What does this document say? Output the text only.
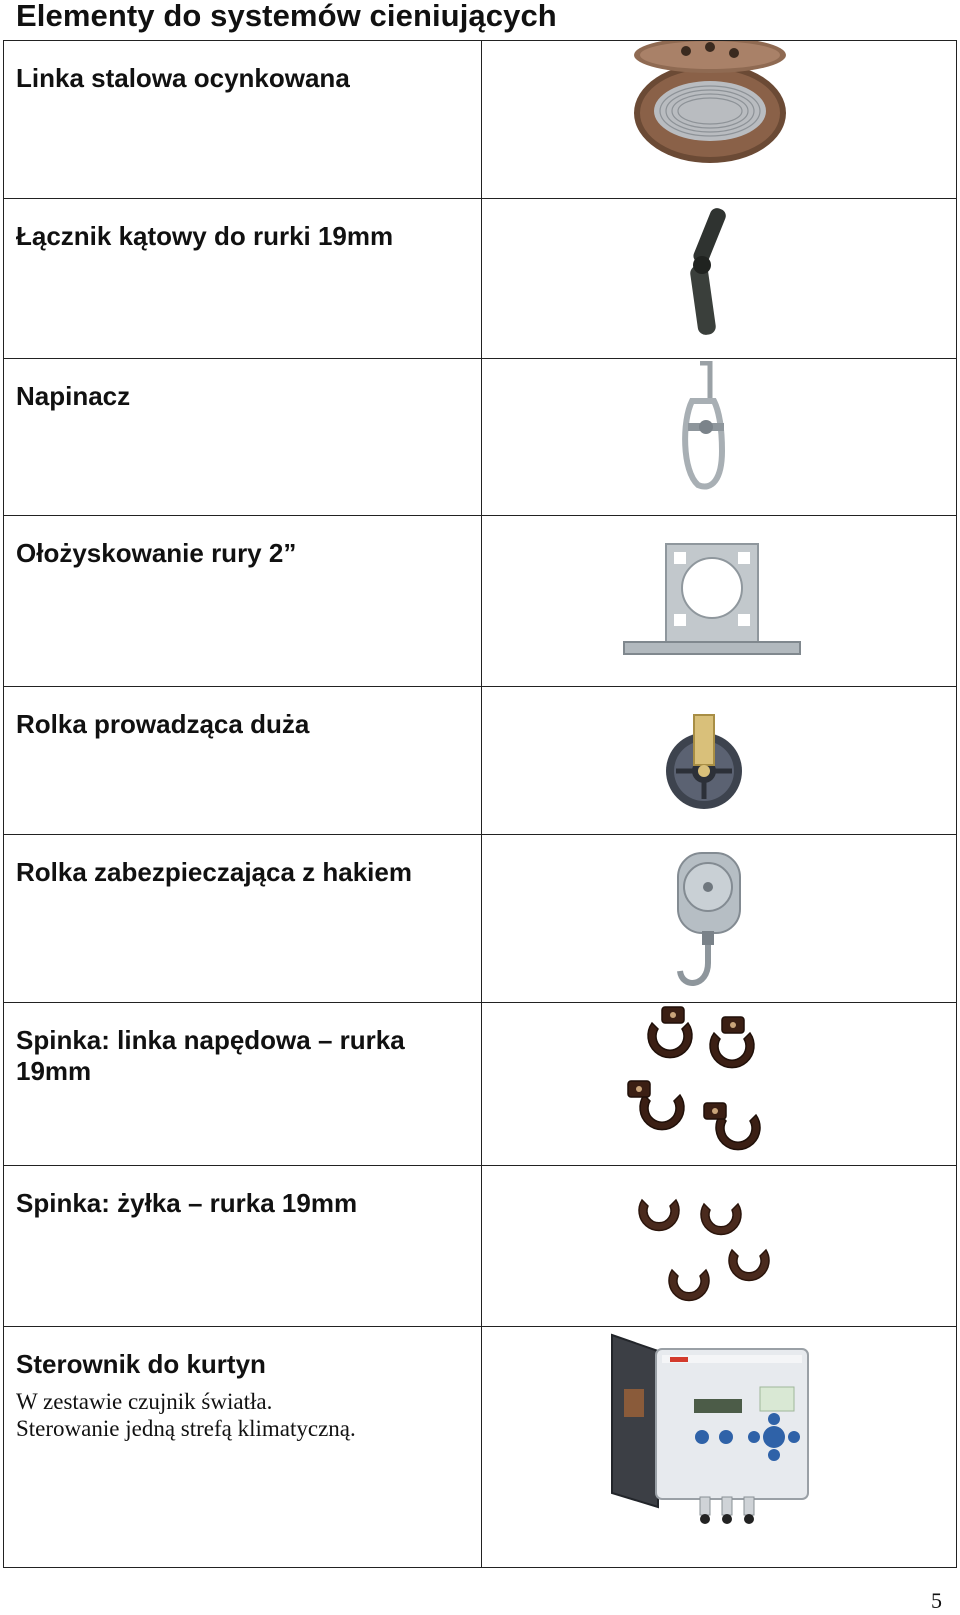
Elementy do systemów cieniujących
Linka stalowa ocynkowana
Łącznik kątowy do rurki 19mm
Napinacz
Ołożyskowanie rury 2”
Rolka prowadząca duża
Rolka zabezpieczająca z hakiem
Spinka: linka napędowa – rurka 19mm
Spinka: żyłka – rurka 19mm
Sterownik do kurtyn
W zestawie czujnik światła.
Sterowanie jedną strefą klimatyczną.
5
